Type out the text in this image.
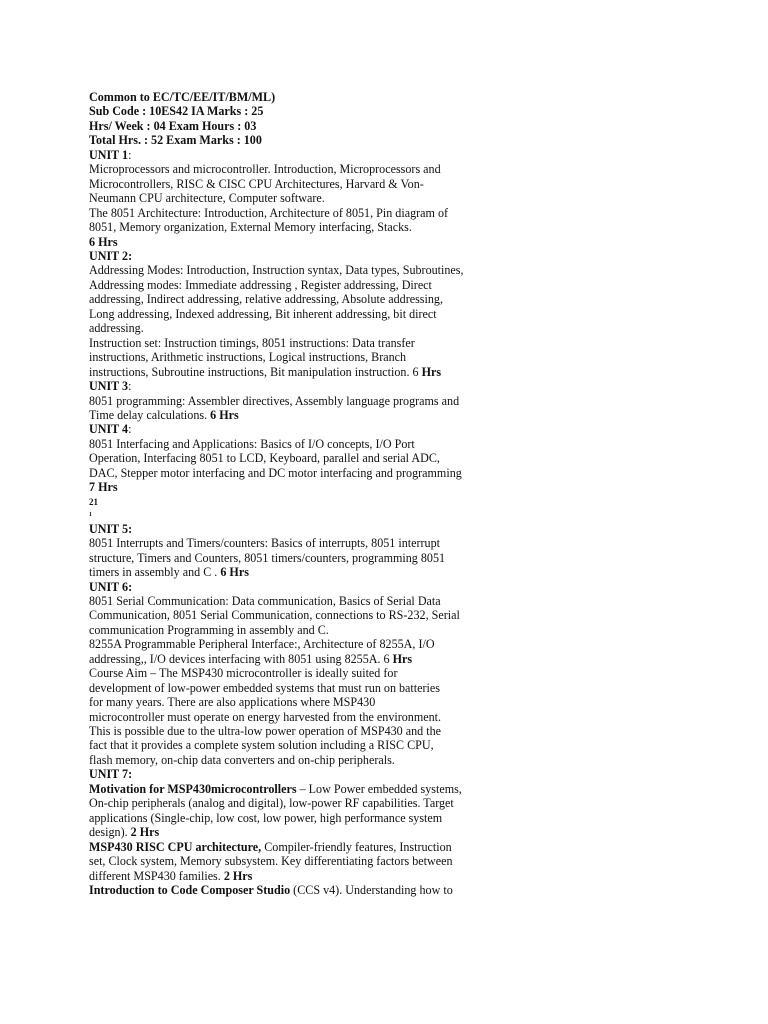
Common to EC/TC/EE/IT/BM/ML)
Sub Code : 10ES42 IA Marks : 25
Hrs/ Week : 04 Exam Hours : 03
Total Hrs. : 52 Exam Marks : 100
UNIT 1:
Microprocessors and microcontroller. Introduction, Microprocessors and
Microcontrollers, RISC & CISC CPU Architectures, Harvard & Von-
Neumann CPU architecture, Computer software.
The 8051 Architecture: Introduction, Architecture of 8051, Pin diagram of
8051, Memory organization, External Memory interfacing, Stacks.
6 Hrs
UNIT 2:
Addressing Modes: Introduction, Instruction syntax, Data types, Subroutines,
Addressing modes: Immediate addressing , Register addressing, Direct
addressing, Indirect addressing, relative addressing, Absolute addressing,
Long addressing, Indexed addressing, Bit inherent addressing, bit direct
addressing.
Instruction set: Instruction timings, 8051 instructions: Data transfer
instructions, Arithmetic instructions, Logical instructions, Branch
instructions, Subroutine instructions, Bit manipulation instruction. 6 Hrs
UNIT 3:
8051 programming: Assembler directives, Assembly language programs and
Time delay calculations. 6 Hrs
UNIT 4:
8051 Interfacing and Applications: Basics of I/O concepts, I/O Port
Operation, Interfacing 8051 to LCD, Keyboard, parallel and serial ADC,
DAC, Stepper motor interfacing and DC motor interfacing and programming
7 Hrs
21
1
UNIT 5:
8051 Interrupts and Timers/counters: Basics of interrupts, 8051 interrupt
structure, Timers and Counters, 8051 timers/counters, programming 8051
timers in assembly and C . 6 Hrs
UNIT 6:
8051 Serial Communication: Data communication, Basics of Serial Data
Communication, 8051 Serial Communication, connections to RS-232, Serial
communication Programming in assembly and C.
8255A Programmable Peripheral Interface:, Architecture of 8255A, I/O
addressing,, I/O devices interfacing with 8051 using 8255A. 6 Hrs
Course Aim – The MSP430 microcontroller is ideally suited for
development of low-power embedded systems that must run on batteries
for many years. There are also applications where MSP430
microcontroller must operate on energy harvested from the environment.
This is possible due to the ultra-low power operation of MSP430 and the
fact that it provides a complete system solution including a RISC CPU,
flash memory, on-chip data converters and on-chip peripherals.
UNIT 7:
Motivation for MSP430microcontrollers – Low Power embedded systems,
On-chip peripherals (analog and digital), low-power RF capabilities. Target
applications (Single-chip, low cost, low power, high performance system
design). 2 Hrs
MSP430 RISC CPU architecture, Compiler-friendly features, Instruction
set, Clock system, Memory subsystem. Key differentiating factors between
different MSP430 families. 2 Hrs
Introduction to Code Composer Studio (CCS v4). Understanding how to
